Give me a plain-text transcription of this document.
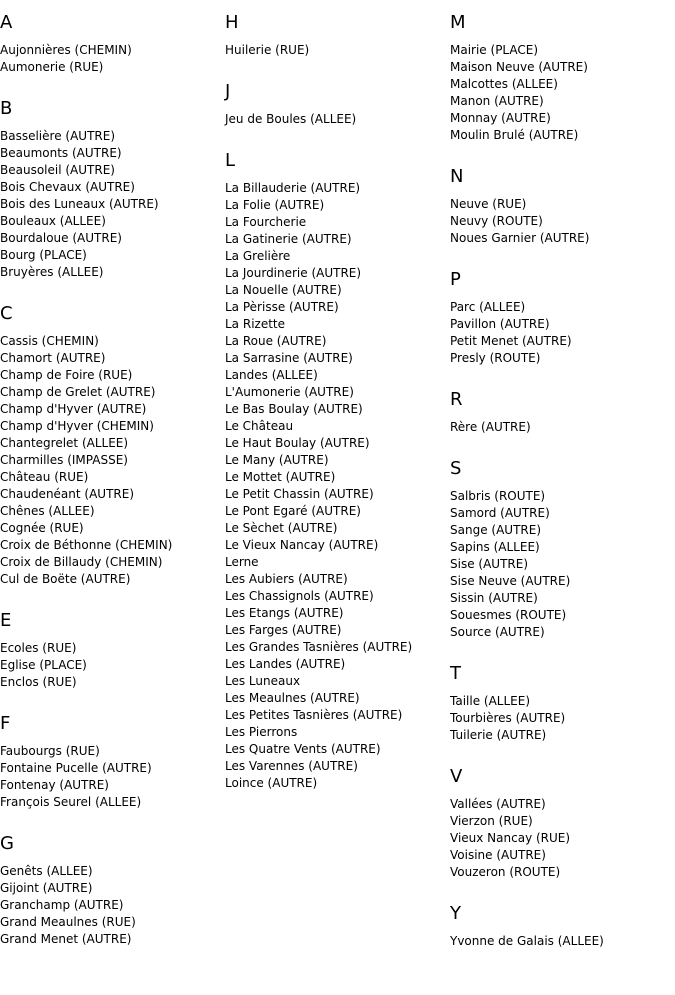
A
Aujonnières (CHEMIN)
Aumonerie (RUE)
B
Basselière (AUTRE)
Beaumonts (AUTRE)
Beausoleil (AUTRE)
Bois Chevaux (AUTRE)
Bois des Luneaux (AUTRE)
Bouleaux (ALLEE)
Bourdaloue (AUTRE)
Bourg (PLACE)
Bruyères (ALLEE)
C
Cassis (CHEMIN)
Chamort (AUTRE)
Champ de Foire (RUE)
Champ de Grelet (AUTRE)
Champ d'Hyver (AUTRE)
Champ d'Hyver (CHEMIN)
Chantegrelet (ALLEE)
Charmilles (IMPASSE)
Château (RUE)
Chaudenéant (AUTRE)
Chênes (ALLEE)
Cognée (RUE)
Croix de Béthonne (CHEMIN)
Croix de Billaudy (CHEMIN)
Cul de Boëte (AUTRE)
E
Ecoles (RUE)
Eglise (PLACE)
Enclos (RUE)
F
Faubourgs (RUE)
Fontaine Pucelle (AUTRE)
Fontenay (AUTRE)
François Seurel (ALLEE)
G
Genêts (ALLEE)
Gijoint (AUTRE)
Granchamp (AUTRE)
Grand Meaulnes (RUE)
Grand Menet (AUTRE)
H
Huilerie (RUE)
J
Jeu de Boules (ALLEE)
L
La Billauderie (AUTRE)
La Folie (AUTRE)
La Fourcherie
La Gatinerie (AUTRE)
La Grelière
La Jourdinerie (AUTRE)
La Nouelle (AUTRE)
La Pèrisse (AUTRE)
La Rizette
La Roue (AUTRE)
La Sarrasine (AUTRE)
Landes (ALLEE)
L'Aumonerie (AUTRE)
Le Bas Boulay (AUTRE)
Le Château
Le Haut Boulay (AUTRE)
Le Many (AUTRE)
Le Mottet (AUTRE)
Le Petit Chassin (AUTRE)
Le Pont Egaré (AUTRE)
Le Sèchet (AUTRE)
Le Vieux Nancay (AUTRE)
Lerne
Les Aubiers (AUTRE)
Les Chassignols (AUTRE)
Les Etangs (AUTRE)
Les Farges (AUTRE)
Les Grandes Tasnières (AUTRE)
Les Landes (AUTRE)
Les Luneaux
Les Meaulnes (AUTRE)
Les Petites Tasnières (AUTRE)
Les Pierrons
Les Quatre Vents (AUTRE)
Les Varennes (AUTRE)
Loince (AUTRE)
M
Mairie (PLACE)
Maison Neuve (AUTRE)
Malcottes (ALLEE)
Manon (AUTRE)
Monnay (AUTRE)
Moulin Brulé (AUTRE)
N
Neuve (RUE)
Neuvy (ROUTE)
Noues Garnier (AUTRE)
P
Parc (ALLEE)
Pavillon (AUTRE)
Petit Menet (AUTRE)
Presly (ROUTE)
R
Rère (AUTRE)
S
Salbris (ROUTE)
Samord (AUTRE)
Sange (AUTRE)
Sapins (ALLEE)
Sise (AUTRE)
Sise Neuve (AUTRE)
Sissin (AUTRE)
Souesmes (ROUTE)
Source (AUTRE)
T
Taille (ALLEE)
Tourbières (AUTRE)
Tuilerie (AUTRE)
V
Vallées (AUTRE)
Vierzon (RUE)
Vieux Nancay (RUE)
Voisine (AUTRE)
Vouzeron (ROUTE)
Y
Yvonne de Galais (ALLEE)
